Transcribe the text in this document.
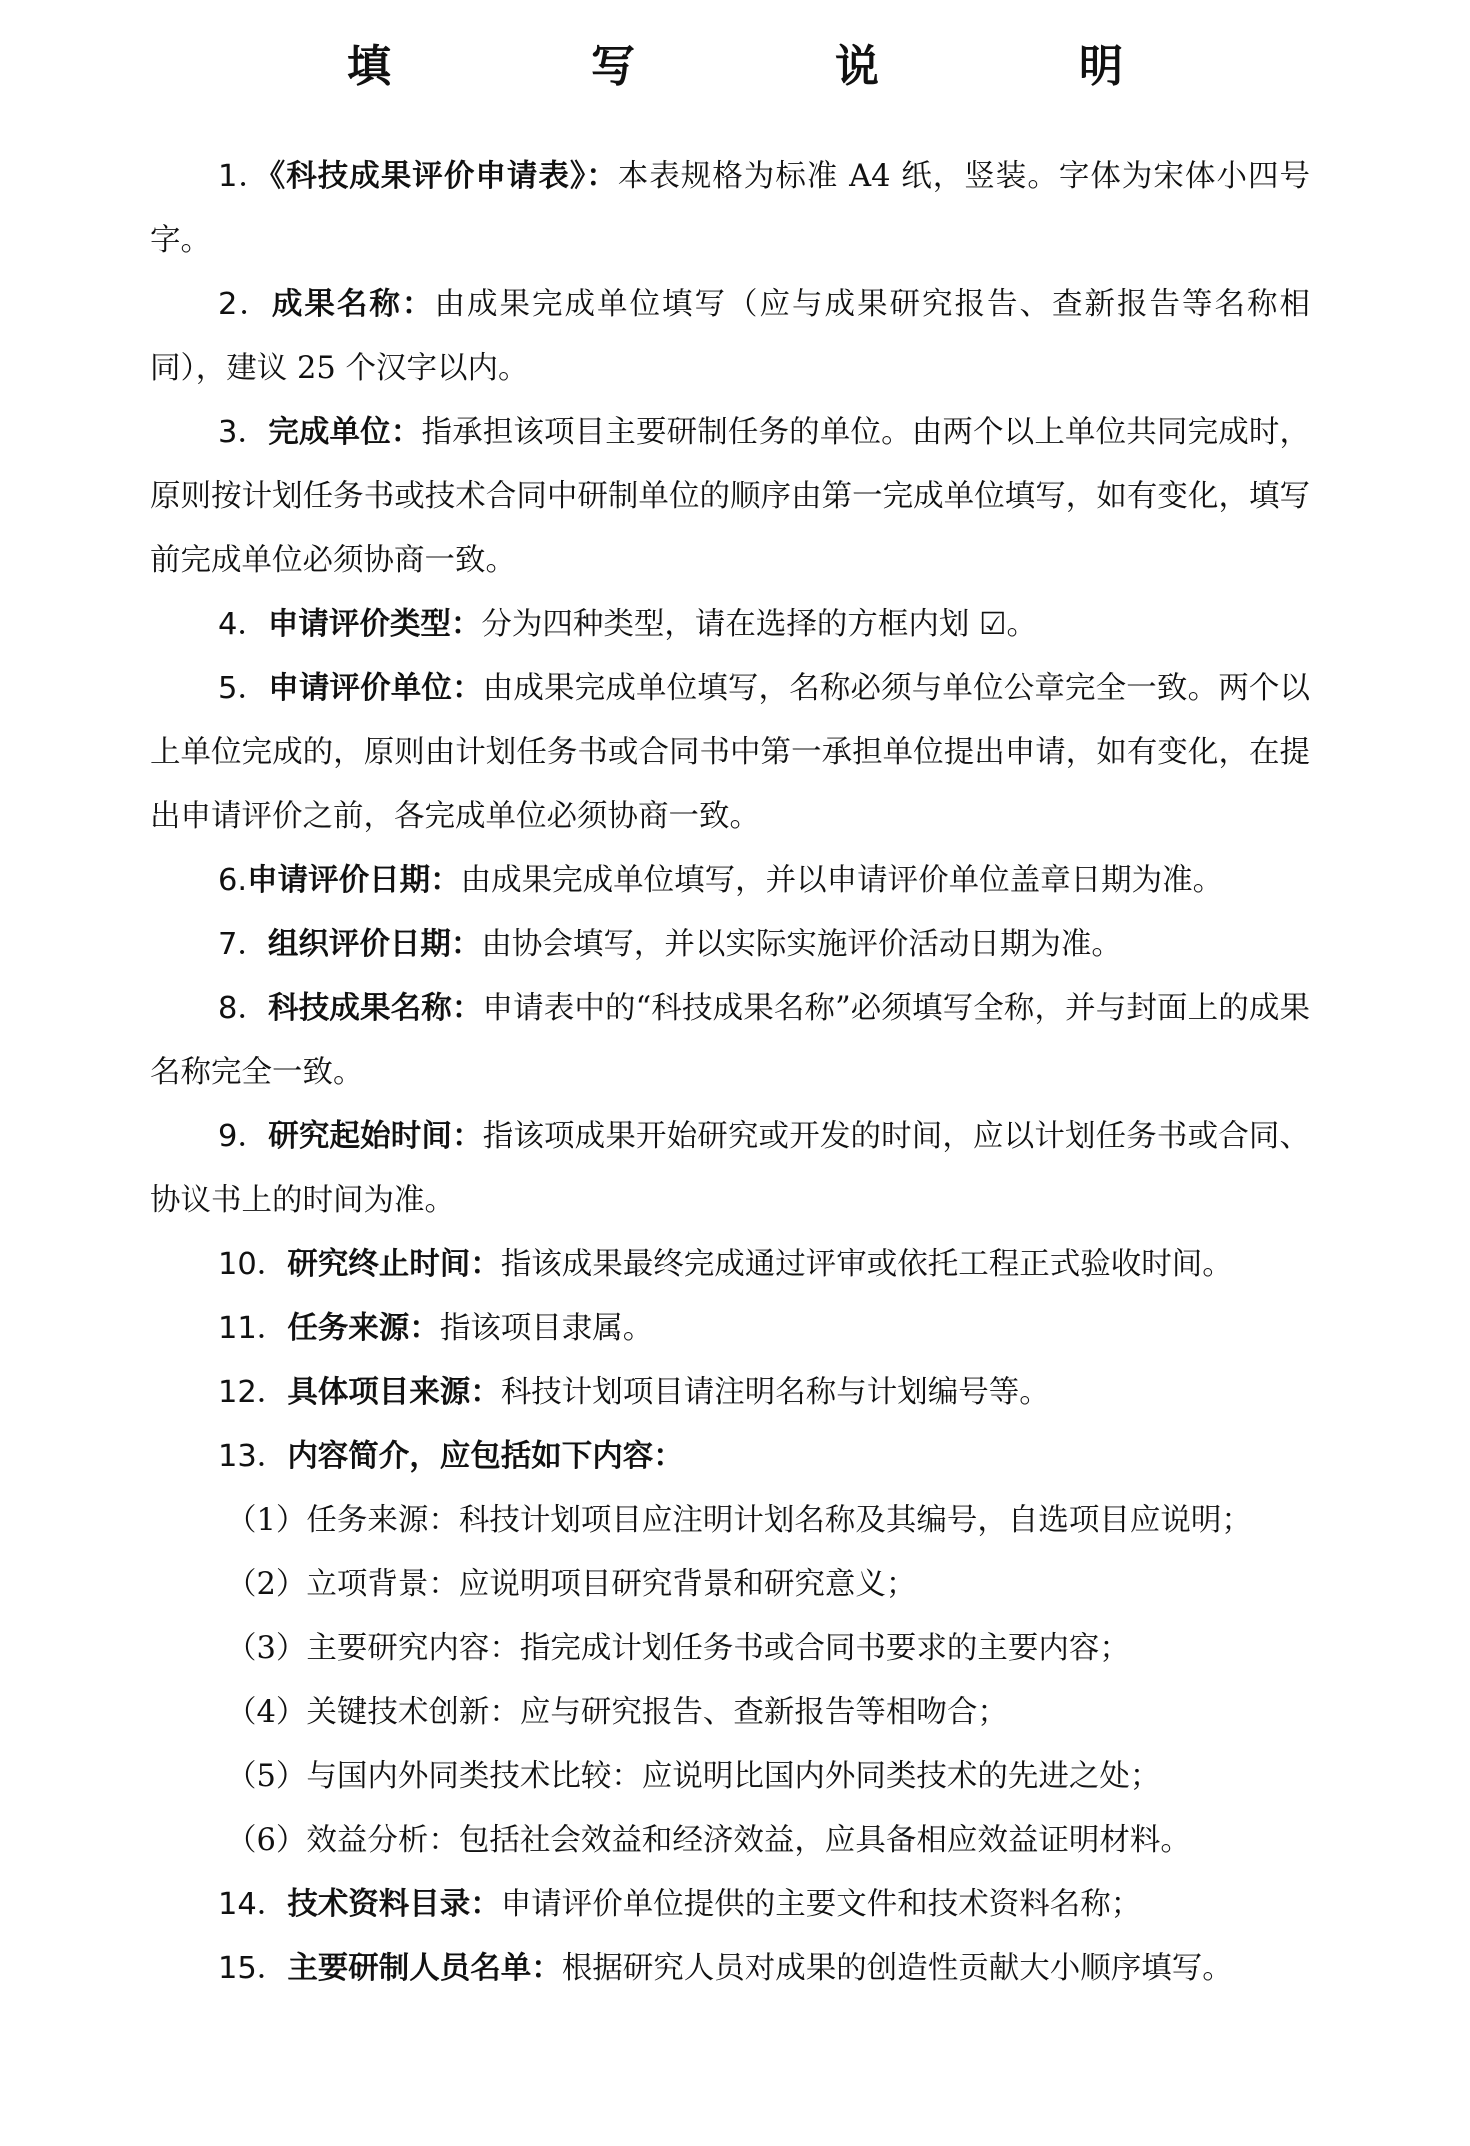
填　写　说　明

1．《科技成果评价申请表》：本表规格为标准 A4 纸，竖装。字体为宋体小四号字。

2．成果名称：由成果完成单位填写（应与成果研究报告、查新报告等名称相同），建议 25 个汉字以内。

3．完成单位：指承担该项目主要研制任务的单位。由两个以上单位共同完成时，原则按计划任务书或技术合同中研制单位的顺序由第一完成单位填写，如有变化，填写前完成单位必须协商一致。

4．申请评价类型：分为四种类型，请在选择的方框内划 ☑。

5．申请评价单位：由成果完成单位填写，名称必须与单位公章完全一致。两个以上单位完成的，原则由计划任务书或合同书中第一承担单位提出申请，如有变化，在提出申请评价之前，各完成单位必须协商一致。

6.申请评价日期：由成果完成单位填写，并以申请评价单位盖章日期为准。

7．组织评价日期：由协会填写，并以实际实施评价活动日期为准。

8．科技成果名称：申请表中的“科技成果名称”必须填写全称，并与封面上的成果名称完全一致。

9．研究起始时间：指该项成果开始研究或开发的时间，应以计划任务书或合同、协议书上的时间为准。

10．研究终止时间：指该成果最终完成通过评审或依托工程正式验收时间。

11．任务来源：指该项目隶属。

12．具体项目来源：科技计划项目请注明名称与计划编号等。

13．内容简介，应包括如下内容：

（1）任务来源：科技计划项目应注明计划名称及其编号，自选项目应说明；

（2）立项背景：应说明项目研究背景和研究意义；

（3）主要研究内容：指完成计划任务书或合同书要求的主要内容；

（4）关键技术创新：应与研究报告、查新报告等相吻合；

（5）与国内外同类技术比较：应说明比国内外同类技术的先进之处；

（6）效益分析：包括社会效益和经济效益，应具备相应效益证明材料。

14．技术资料目录：申请评价单位提供的主要文件和技术资料名称；

15．主要研制人员名单：根据研究人员对成果的创造性贡献大小顺序填写。
